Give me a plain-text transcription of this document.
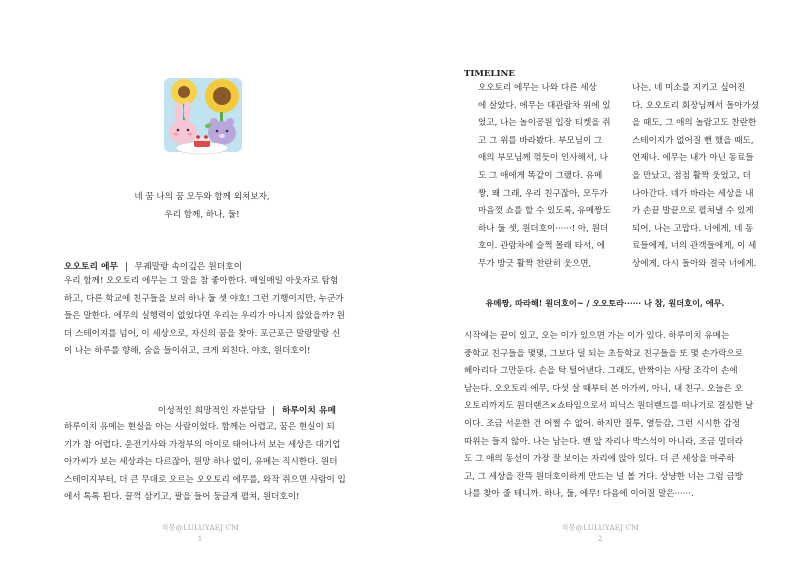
네 꿈 나의 꿈 모두와 함께 외쳐보자,
우리 함께, 하나, 둘!
오오토리 에무 | 무궤말랑 속이깊은 원더호이

우리 함께! 오오토리 에무는 그 말을 참 좋아한다. 매일매일 아웃자로 탐험

하고, 다른 학교에 친구들을 보러 하나 둘 셋 야호! 그런 기행이지만, 누군가

들은 말한다. 에무의 실행력이 없었다면 우리는 우리가 아니지 않았을까? 원

더 스테이지를 넘어, 이 세상으로, 자신의 꿈을 찾아. 포근포근 말랑말랑 신

이 나는 하루를 향해, 숨을 들이쉬고, 크게 외친다. 야호, 원더호이!

이성적인 희망적인 자분담담 | 하루이치 유메

하루이치 유메는 현실을 아는 사람이었다. 함께는 어렵고, 꿈은 현실이 되

기가 참 어렵다. 운전기사와 가정부의 아이로 태어나서 보는 세상은 대기업

아가씨가 보는 세상과는 다르잖아, 원망 하나 없이, 유메는 직시한다. 원더

스테이지부터, 더 큰 무대로 오르는 오오토리 에무를, 와작 쥐으면 사람이 입

에서 톡톡 튄다. 꿀꺽 삼키고, 팔을 들어 둥글게 펼쳐, 원더호이!

적몽@LULUYAEJ CM
1
TIMELINE

오오토리 에무는 나와 다른 세상

에 살았다. 에무는 대관람차 위에 있

었고, 나는 놀이공원 입장 티켓을 쥐

고 그 위를 바라봤다. 부모님이 그

애의 부모님께 꺾듯이 인사해서, 나

도 그 애에게 똑같이 그랬다. 유메

짱, 왜 그래, 우리 친구잖아, 모두가

마음껏 쇼를 할 수 있도록, 유메짱도

하나 둘 셋, 원더호이······! 아, 원더

호이. 관람차에 슬쩍 몰래 타서, 에

무가 방긋 활짝 찬란히 웃으면,

나는, 네 미소를 지키고 싶어진

다. 오오토리 회장님께서 돌아가셨

을 때도, 그 애의 놀람고도 찬란한

스테이지가 없어질 뻔 했을 때도,

언제나. 에무는 내가 아닌 동료들

을 만났고, 점점 활짝 웃었고, 더

나아간다. 네가 바라는 세상을 내

가 손끝 발끝으로 펼쳐낼 수 있게

되어, 나는 고맙다. 너에게, 네 동

료들에게, 너의 관객들에게, 이 세

상에게, 다시 돌아와 결국 너에게.

유메짱, 따라해! 원더호이~ / 오오토라······ 나 참, 원더호이, 에무.

시작에는 끝이 있고, 오는 이가 있으면 가는 이가 있다. 하루이치 유메는

중학교 친구들을 몇몇, 그보다 덜 되는 초등학교 친구들을 또 몇 손가락으로

헤아리다 그만둔다. 손을 탁 털어낸다. 그래도, 반짝이는 사탕 조각이 손에

남는다. 오오토리 에무, 다섯 살 때부터 본 아가씨, 아니, 내 친구. 오늘은 오

오토리까지도 원더랜즈×쇼타임으로서 피닉스 원더랜드를 떠나기로 결심한 날

이다. 조금 서운한 건 어쩔 수 없어. 하지만 질투, 열등감, 그런 시시한 감정

따위는 들지 않아. 나는 남는다. 맨 앞 자리나 박스석이 아니라, 조금 멀더라

도 그 애의 동선이 가장 잘 보이는 자리에 앉아 있다. 더 큰 세상을 마주하

고, 그 세상을 잔뜩 원더호이하게 만드는 널 볼 거다. 상냥한 너는 그럼 금방

나를 찾아 줄 테니까. 하나, 둘, 에무! 다음에 이어질 말은······.

적몽@LULUYAEJ CM
2
